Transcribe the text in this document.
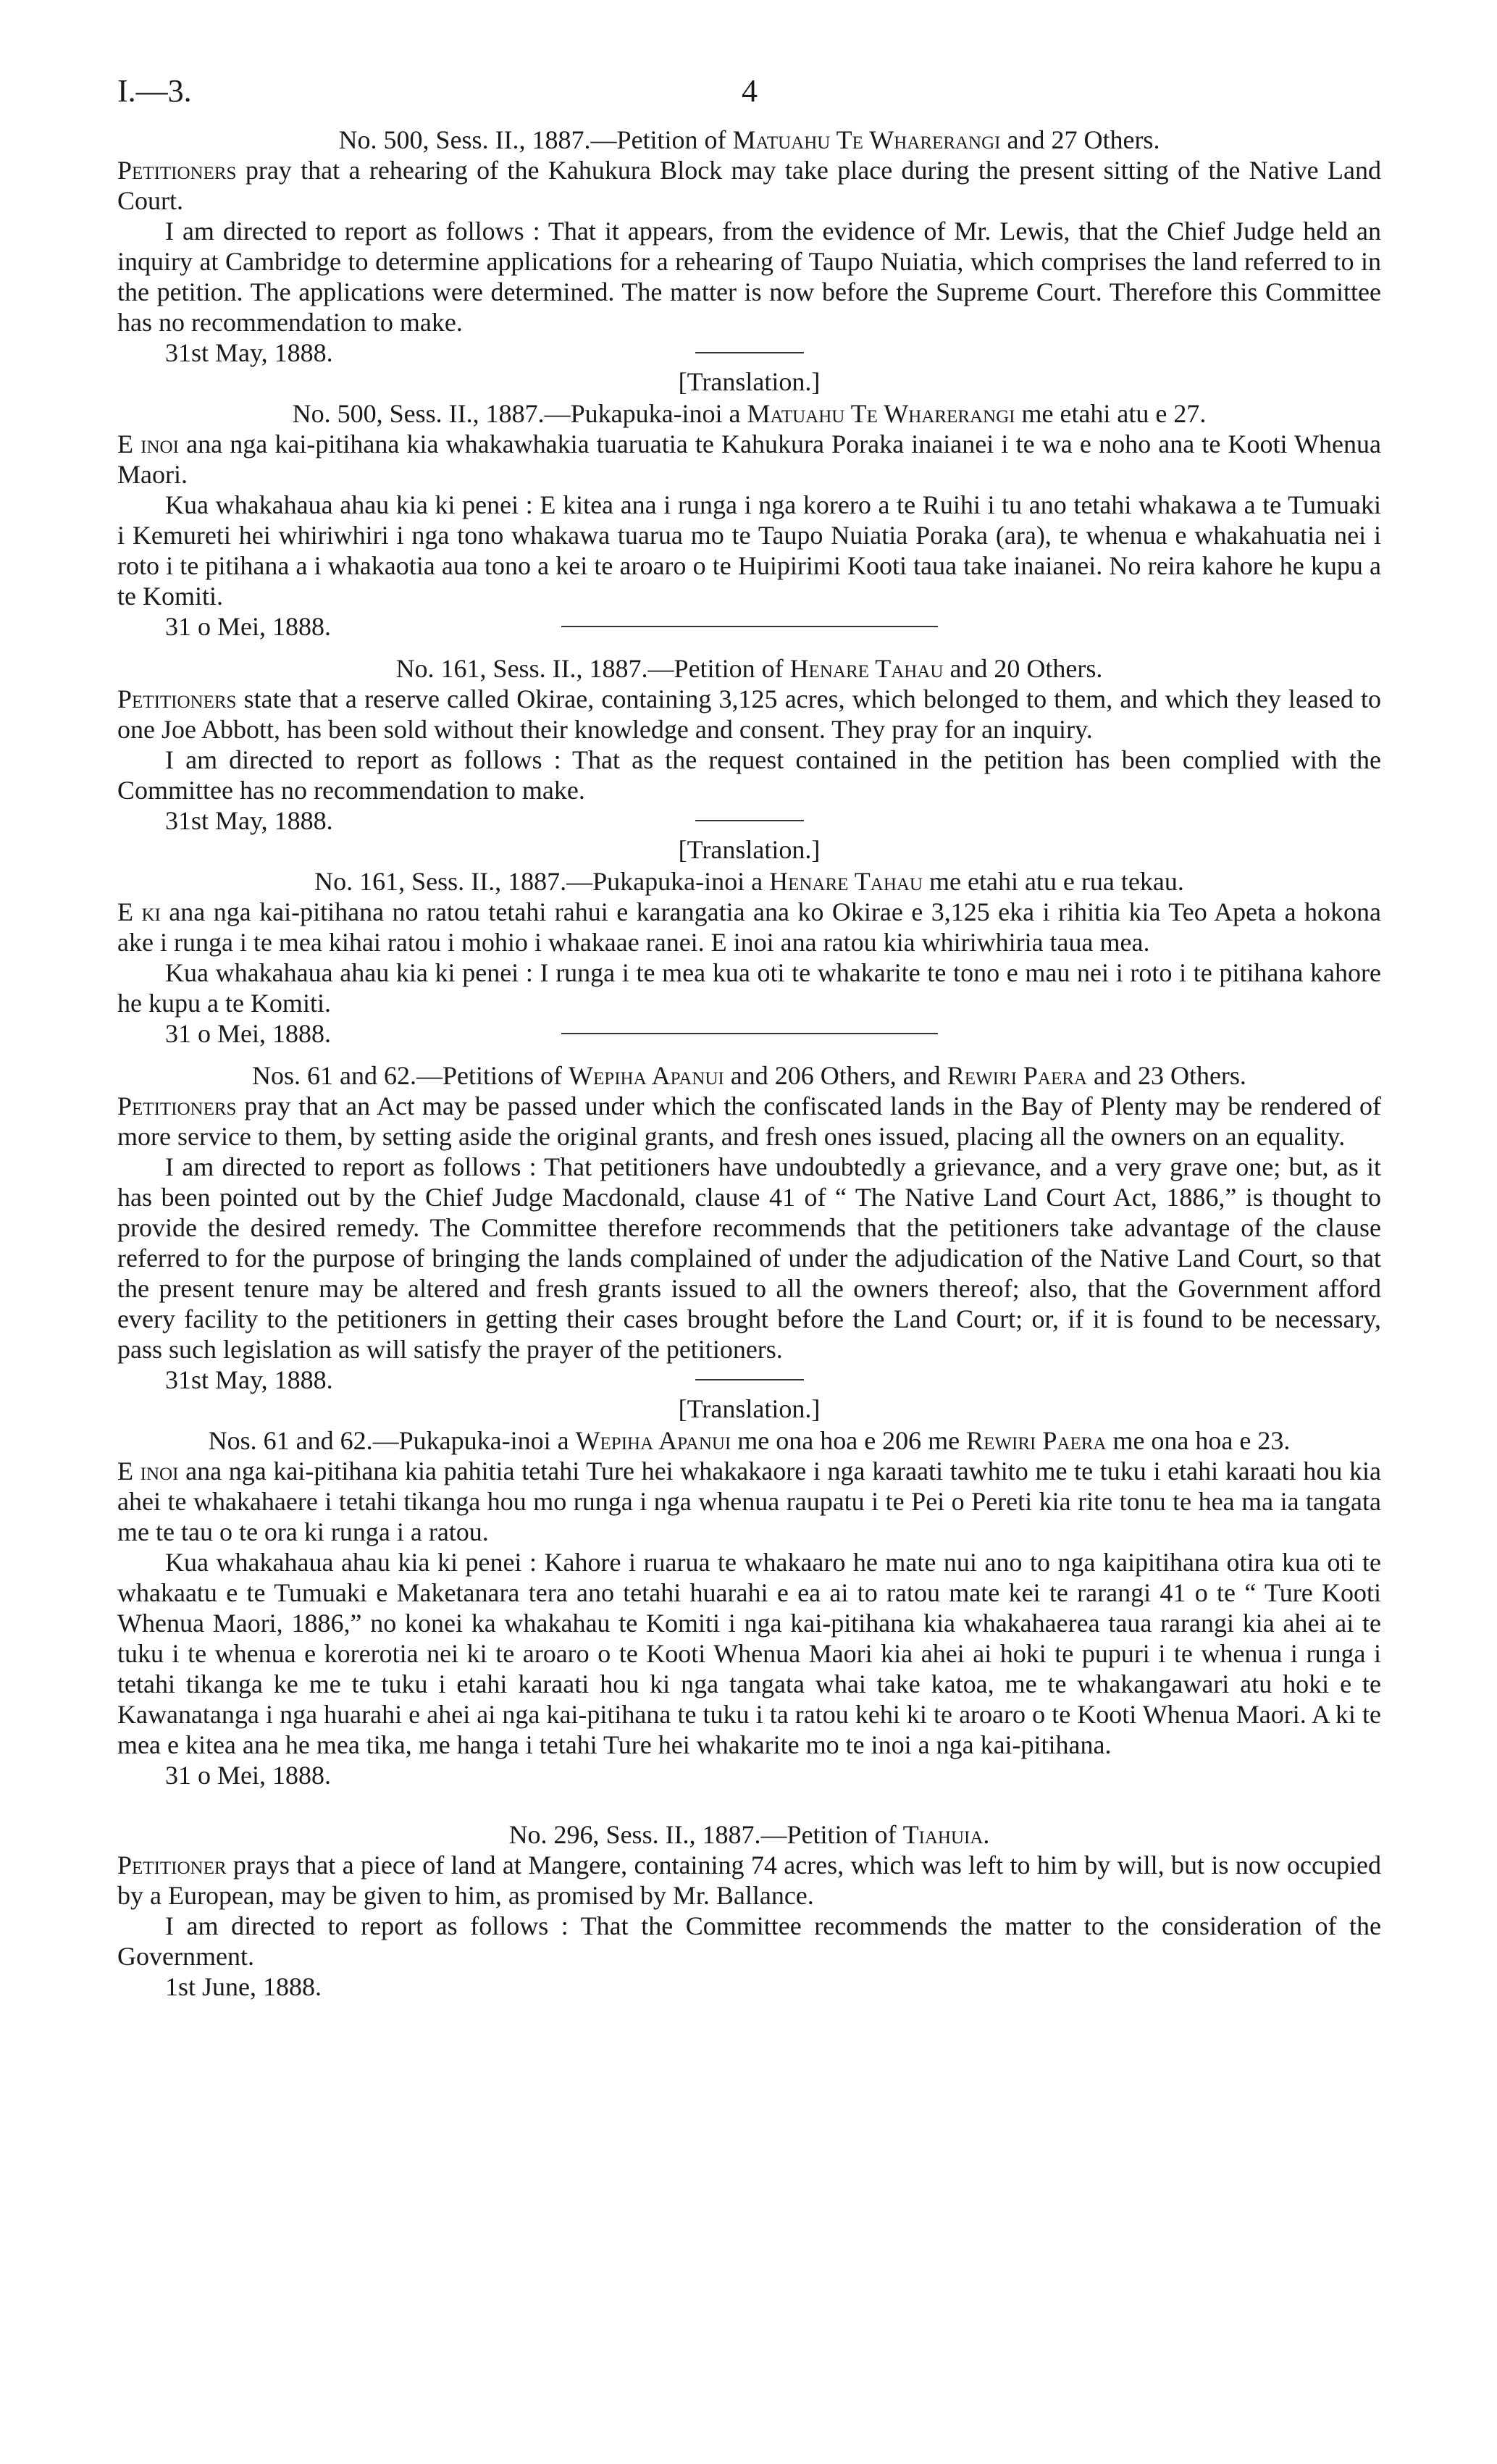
I.—3.	4

No. 500, Sess. II., 1887.—Petition of Matuahu Te Wharerangi and 27 Others.

Petitioners pray that a rehearing of the Kahukura Block may take place during the present sitting of the Native Land Court.

I am directed to report as follows : That it appears, from the evidence of Mr. Lewis, that the Chief Judge held an inquiry at Cambridge to determine applications for a rehearing of Taupo Nuiatia, which comprises the land referred to in the petition. The applications were determined. The matter is now before the Supreme Court. Therefore this Committee has no recommendation to make.

31st May, 1888.

[Translation.]

No. 500, Sess. II., 1887.—Pukapuka-inoi a Matuahu Te Wharerangi me etahi atu e 27.

E inoi ana nga kai-pitihana kia whakawhakia tuaruatia te Kahukura Poraka inaianei i te wa e noho ana te Kooti Whenua Maori.

Kua whakahaua ahau kia ki penei : E kitea ana i runga i nga korero a te Ruihi i tu ano tetahi whakawa a te Tumuaki i Kemureti hei whiriwhiri i nga tono whakawa tuarua mo te Taupo Nuiatia Poraka (ara), te whenua e whakahuatia nei i roto i te pitihana a i whakaotia aua tono a kei te aroaro o te Huipirimi Kooti taua take inaianei. No reira kahore he kupu a te Komiti.

31 o Mei, 1888.

No. 161, Sess. II., 1887.—Petition of Henare Tahau and 20 Others.

Petitioners state that a reserve called Okirae, containing 3,125 acres, which belonged to them, and which they leased to one Joe Abbott, has been sold without their knowledge and consent. They pray for an inquiry.

I am directed to report as follows : That as the request contained in the petition has been complied with the Committee has no recommendation to make.

31st May, 1888.

[Translation.]

No. 161, Sess. II., 1887.—Pukapuka-inoi a Henare Tahau me etahi atu e rua tekau.

E ki ana nga kai-pitihana no ratou tetahi rahui e karangatia ana ko Okirae e 3,125 eka i rihitia kia Teo Apeta a hokona ake i runga i te mea kihai ratou i mohio i whakaae ranei. E inoi ana ratou kia whiriwhiria taua mea.

Kua whakahaua ahau kia ki penei : I runga i te mea kua oti te whakarite te tono e mau nei i roto i te pitihana kahore he kupu a te Komiti.

31 o Mei, 1888.

Nos. 61 and 62.—Petitions of Wepiha Apanui and 206 Others, and Rewiri Paera and 23 Others.

Petitioners pray that an Act may be passed under which the confiscated lands in the Bay of Plenty may be rendered of more service to them, by setting aside the original grants, and fresh ones issued, placing all the owners on an equality.

I am directed to report as follows : That petitioners have undoubtedly a grievance, and a very grave one; but, as it has been pointed out by the Chief Judge Macdonald, clause 41 of “ The Native Land Court Act, 1886,” is thought to provide the desired remedy. The Committee therefore recommends that the petitioners take advantage of the clause referred to for the purpose of bringing the lands complained of under the adjudication of the Native Land Court, so that the present tenure may be altered and fresh grants issued to all the owners thereof; also, that the Government afford every facility to the petitioners in getting their cases brought before the Land Court; or, if it is found to be necessary, pass such legislation as will satisfy the prayer of the petitioners.

31st May, 1888.

[Translation.]

Nos. 61 and 62.—Pukapuka-inoi a Wepiha Apanui me ona hoa e 206 me Rewiri Paera me ona hoa e 23.

E inoi ana nga kai-pitihana kia pahitia tetahi Ture hei whakakaore i nga karaati tawhito me te tuku i etahi karaati hou kia ahei te whakahaere i tetahi tikanga hou mo runga i nga whenua raupatu i te Pei o Pereti kia rite tonu te hea ma ia tangata me te tau o te ora ki runga i a ratou.

Kua whakahaua ahau kia ki penei : Kahore i ruarua te whakaaro he mate nui ano to nga kaipitihana otira kua oti te whakaatu e te Tumuaki e Maketanara tera ano tetahi huarahi e ea ai to ratou mate kei te rarangi 41 o te “ Ture Kooti Whenua Maori, 1886,” no konei ka whakahau te Komiti i nga kai-pitihana kia whakahaerea taua rarangi kia ahei ai te tuku i te whenua e korerotia nei ki te aroaro o te Kooti Whenua Maori kia ahei ai hoki te pupuri i te whenua i runga i tetahi tikanga ke me te tuku i etahi karaati hou ki nga tangata whai take katoa, me te whakangawari atu hoki e te Kawanatanga i nga huarahi e ahei ai nga kai-pitihana te tuku i ta ratou kehi ki te aroaro o te Kooti Whenua Maori. A ki te mea e kitea ana he mea tika, me hanga i tetahi Ture hei whakarite mo te inoi a nga kai-pitihana.

31 o Mei, 1888.

No. 296, Sess. II., 1887.—Petition of Tiahuia.

Petitioner prays that a piece of land at Mangere, containing 74 acres, which was left to him by will, but is now occupied by a European, may be given to him, as promised by Mr. Ballance.

I am directed to report as follows : That the Committee recommends the matter to the consideration of the Government.

1st June, 1888.
